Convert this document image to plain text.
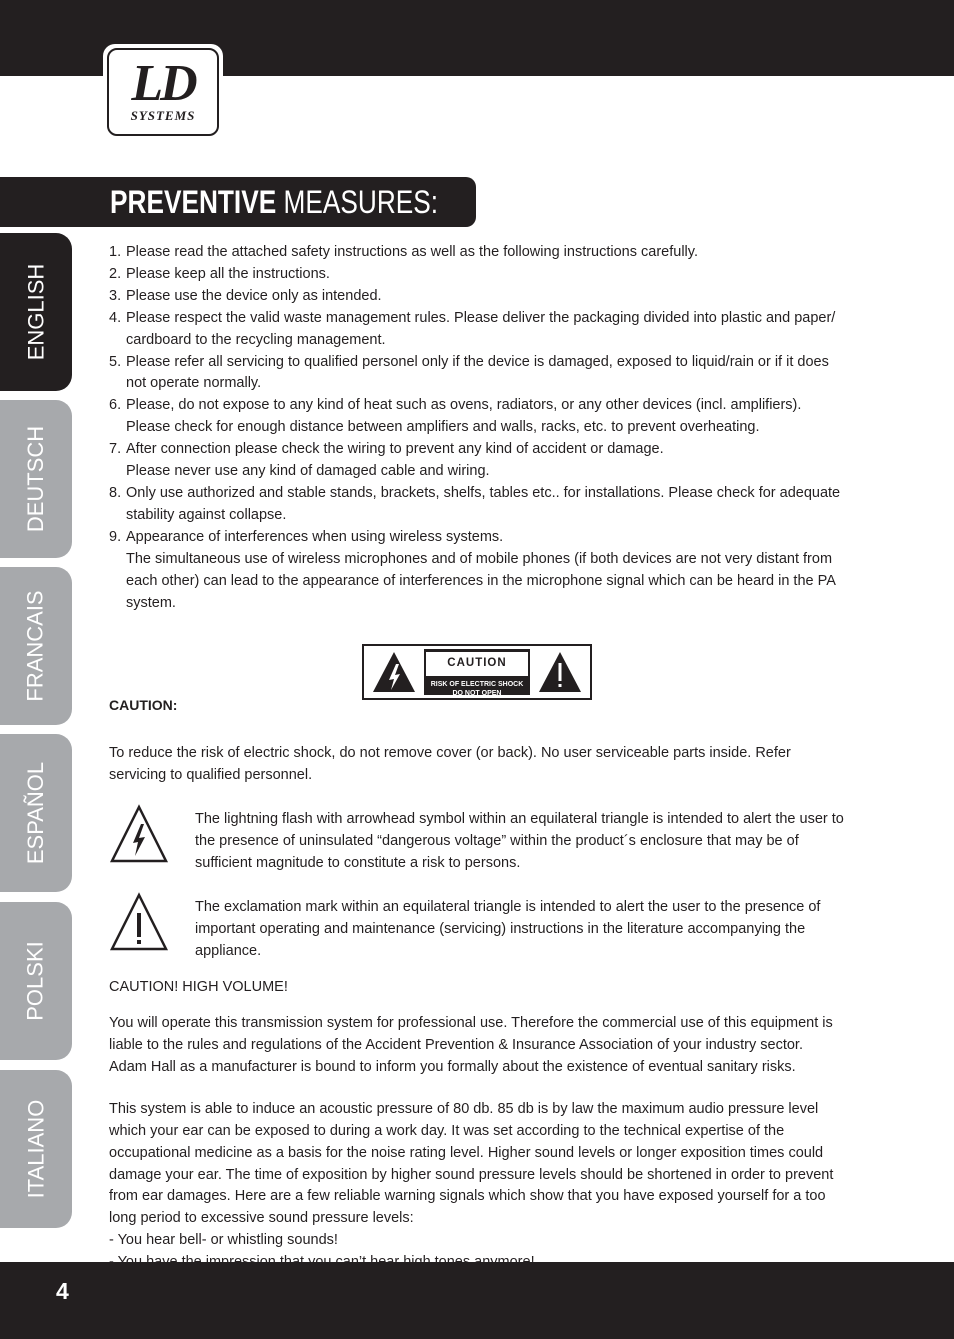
LD
SYSTEMS
PREVENTIVE MEASURES:
ENGLISH
DEUTSCH
FRANCAIS
ESPAÑOL
POLSKI
ITALIANO
1. Please read the attached safety instructions as well as the following instructions carefully.
2. Please keep all the instructions.
3. Please use the device only as intended.
4. Please respect the valid waste management rules. Please deliver the packaging divided into plastic and paper/ cardboard to the recycling management.
5. Please refer all servicing to qualified personel only if the device is damaged, exposed to liquid/rain or if it does not operate normally.
6. Please, do not expose to any kind of heat such as ovens, radiators, or any other devices (incl. amplifiers). Please check for enough distance between amplifiers and walls, racks, etc. to prevent overheating.
7. After connection please check the wiring to prevent any kind of accident or damage.
Please never use any kind of damaged cable and wiring.
8. Only use authorized and stable stands, brackets, shelfs, tables etc.. for installations. Please check for adequate stability against collapse.
9. Appearance of interferences when using wireless systems.
The simultaneous use of wireless microphones and of mobile phones (if both devices are not very distant from each other) can lead to the appearance of interferences in the microphone signal which can be heard in the PA system.
CAUTION:
CAUTION
RISK OF ELECTRIC SHOCK
DO NOT OPEN

To reduce the risk of electric shock, do not remove cover (or back). No user serviceable parts inside. Refer servicing to qualified personnel.

The lightning flash with arrowhead symbol within an equilateral triangle is intended to alert the user to the presence of uninsulated “dangerous voltage” within the product´s enclosure that may be of sufficient magnitude to constitute a risk to persons.

The exclamation mark within an equilateral triangle is intended to alert the user to the presence of important operating and maintenance (servicing) instructions in the literature accompanying the appliance.

CAUTION! HIGH VOLUME!

You will operate this transmission system for professional use. Therefore the commercial use of this equipment is liable to the rules and regulations of the Accident Prevention & Insurance Association of your industry sector. Adam Hall as a manufacturer is bound to inform you formally about the existence of eventual sanitary risks.

This system is able to induce an acoustic pressure of 80 db. 85 db is by law the maximum audio pressure level which your ear can be exposed to during a work day. It was set according to the technical expertise of the occupational medicine as a basis for the noise rating level. Higher sound levels or longer exposition times could damage your ear. The time of exposition by higher sound pressure levels should be shortened in order to prevent from ear damages. Here are a few reliable warning signals which show that you have exposed yourself for a too long period to excessive sound pressure levels:

- You hear bell- or whistling sounds!

4
